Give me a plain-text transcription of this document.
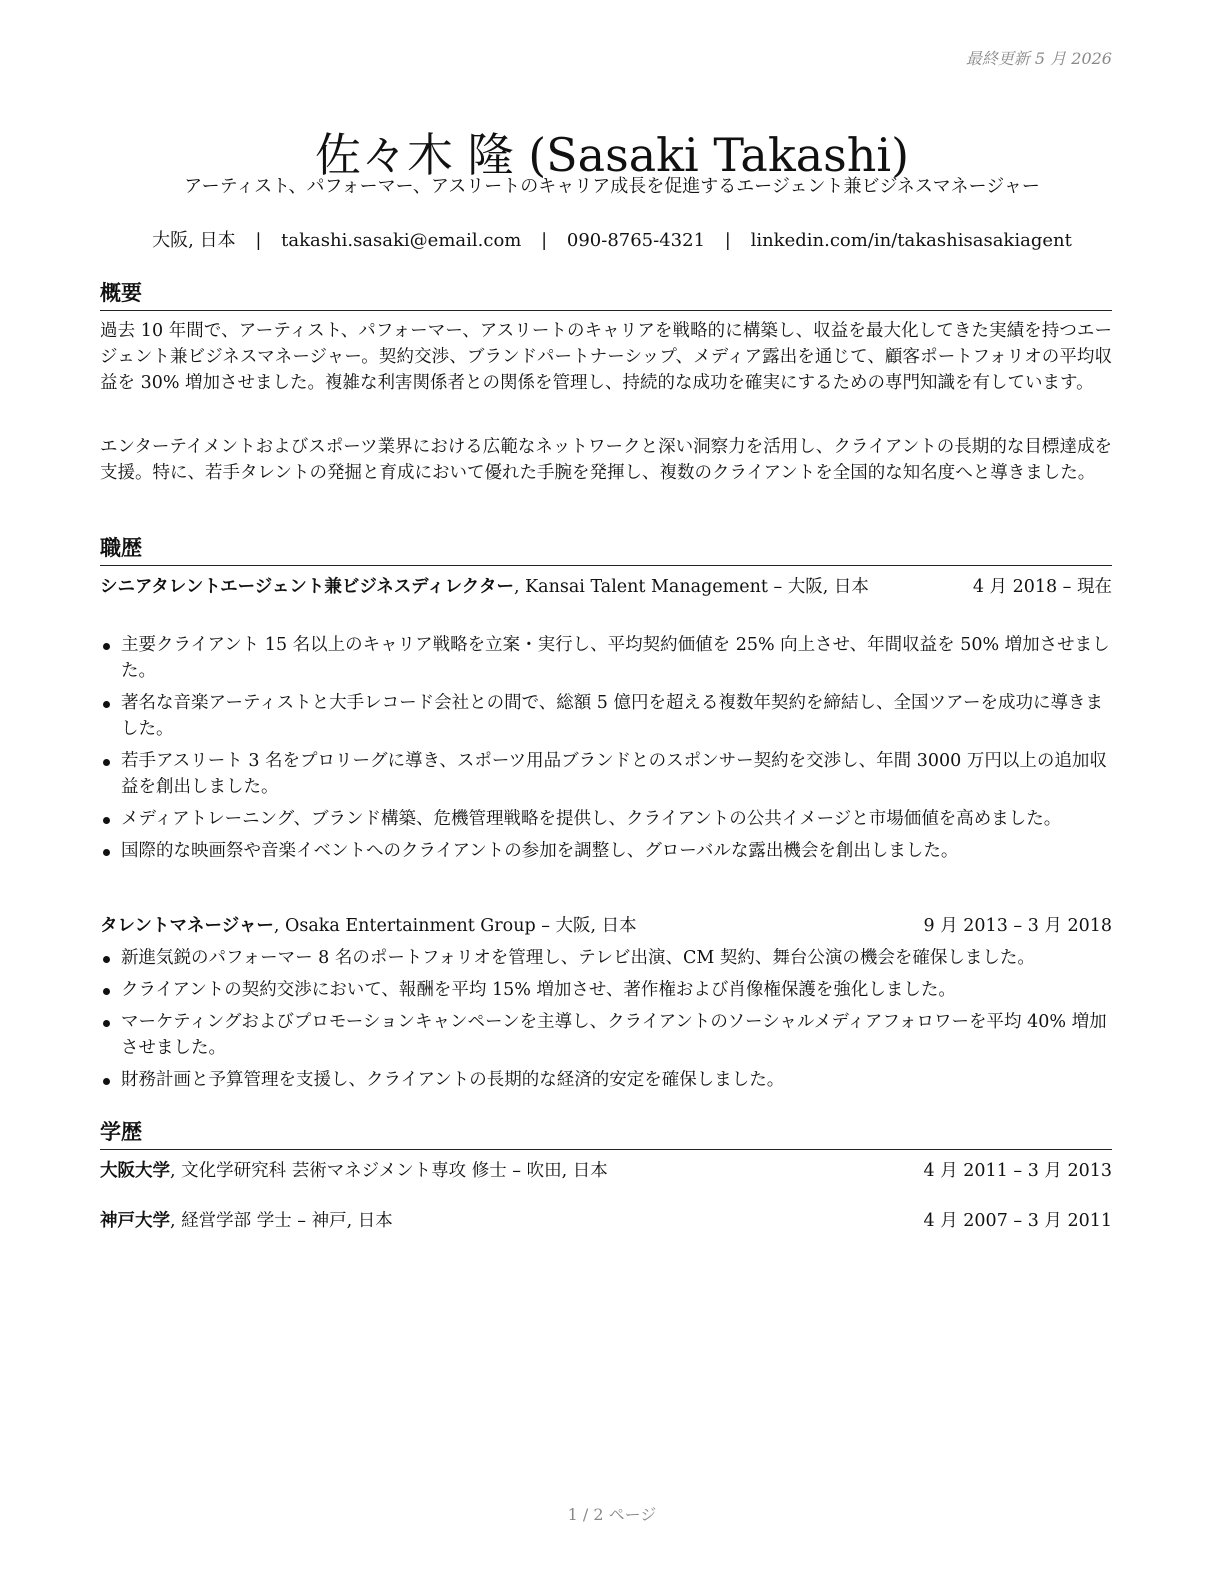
最終更新 5 月 2026
佐々木 隆 (Sasaki Takashi)
アーティスト、パフォーマー、アスリートのキャリア成長を促進するエージェント兼ビジネスマネージャー
大阪, 日本 | takashi.sasaki@email.com | 090-8765-4321 | linkedin.com/in/takashisasakiagent
概要

過去 10 年間で、アーティスト、パフォーマー、アスリートのキャリアを戦略的に構築し、収益を最大化してきた実績を持つエージェント兼ビジネスマネージャー。契約交渉、ブランドパートナーシップ、メディア露出を通じて、顧客ポートフォリオの平均収益を 30% 増加させました。複雑な利害関係者との関係を管理し、持続的な成功を確実にするための専門知識を有しています。

エンターテイメントおよびスポーツ業界における広範なネットワークと深い洞察力を活用し、クライアントの長期的な目標達成を支援。特に、若手タレントの発掘と育成において優れた手腕を発揮し、複数のクライアントを全国的な知名度へと導きました。

職歴
シニアタレントエージェント兼ビジネスディレクター, Kansai Talent Management – 大阪, 日本	4 月 2018 – 現在
主要クライアント 15 名以上のキャリア戦略を立案・実行し、平均契約価値を 25% 向上させ、年間収益を 50% 増加させました。
著名な音楽アーティストと大手レコード会社との間で、総額 5 億円を超える複数年契約を締結し、全国ツアーを成功に導きました。
若手アスリート 3 名をプロリーグに導き、スポーツ用品ブランドとのスポンサー契約を交渉し、年間 3000 万円以上の追加収益を創出しました。
メディアトレーニング、ブランド構築、危機管理戦略を提供し、クライアントの公共イメージと市場価値を高めました。
国際的な映画祭や音楽イベントへのクライアントの参加を調整し、グローバルな露出機会を創出しました。
タレントマネージャー, Osaka Entertainment Group – 大阪, 日本	9 月 2013 – 3 月 2018
新進気鋭のパフォーマー 8 名のポートフォリオを管理し、テレビ出演、CM 契約、舞台公演の機会を確保しました。
クライアントの契約交渉において、報酬を平均 15% 増加させ、著作権および肖像権保護を強化しました。
マーケティングおよびプロモーションキャンペーンを主導し、クライアントのソーシャルメディアフォロワーを平均 40% 増加させました。
財務計画と予算管理を支援し、クライアントの長期的な経済的安定を確保しました。
学歴
大阪大学, 文化学研究科 芸術マネジメント専攻 修士 – 吹田, 日本	4 月 2011 – 3 月 2013
神戸大学, 経営学部 学士 – 神戸, 日本	4 月 2007 – 3 月 2011
1 / 2 ページ
